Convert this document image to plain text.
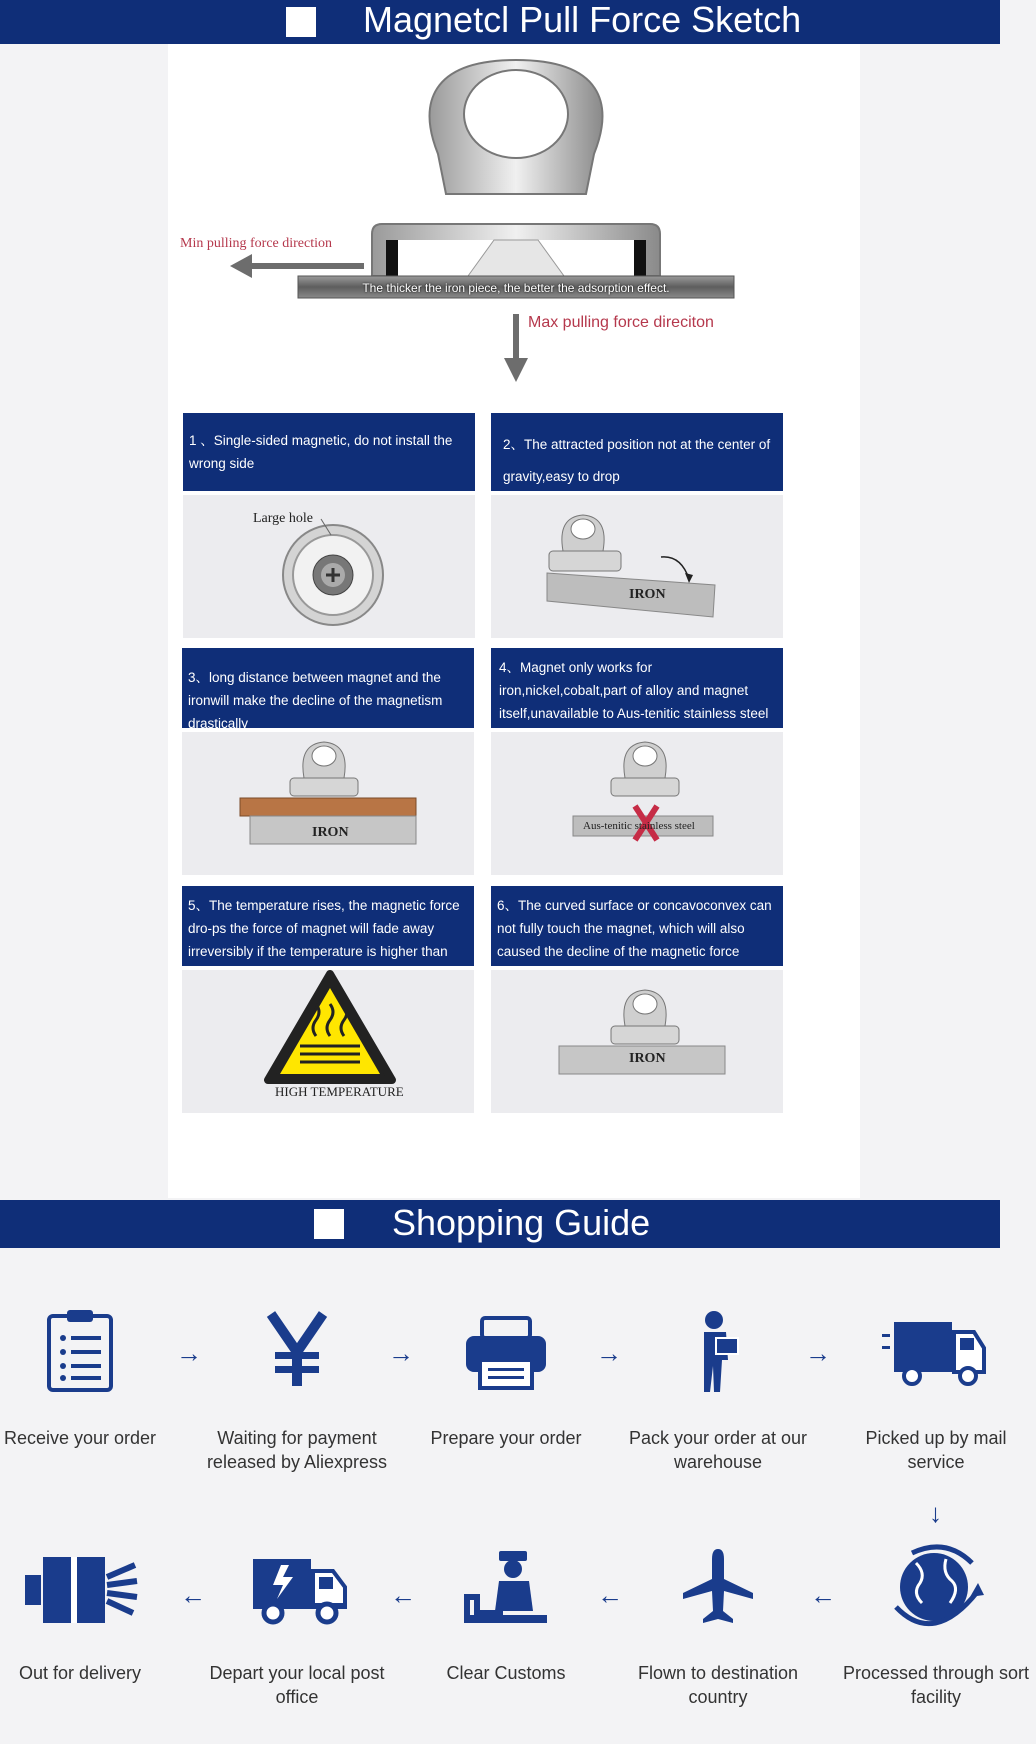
Magnetcl Pull Force Sketch
Min pulling force direction
Max pulling force direciton
The thicker the iron piece, the better the adsorption effect.
1 、Single-sided magnetic, do not install the wrong side
Large hole
2、The attracted position not at the center of gravity,easy to drop
IRON
3、long distance between magnet and the ironwill make the decline of the magnetism drastically
IRON
4、Magnet only works for iron,nickel,cobalt,part of alloy and magnet itself,unavailable to Aus-tenitic stainless steel
Aus-tenitic stainless steel
5、The temperature rises, the magnetic force dro-ps the force of magnet will fade away irreversibly if the temperature is higher than
HIGH TEMPERATURE
6、The curved surface or concavoconvex can not fully touch the magnet, which will also caused the decline of the magnetic force
IRON
Shopping Guide
Receive your order
→
Waiting for payment released by Aliexpress
→
Prepare your order
→
Pack your order at our warehouse
→
Picked up by mail service
↓
Out for delivery
←
Depart your local post office
←
Clear Customs
←
Flown to destination country
←
Processed through sort facility
